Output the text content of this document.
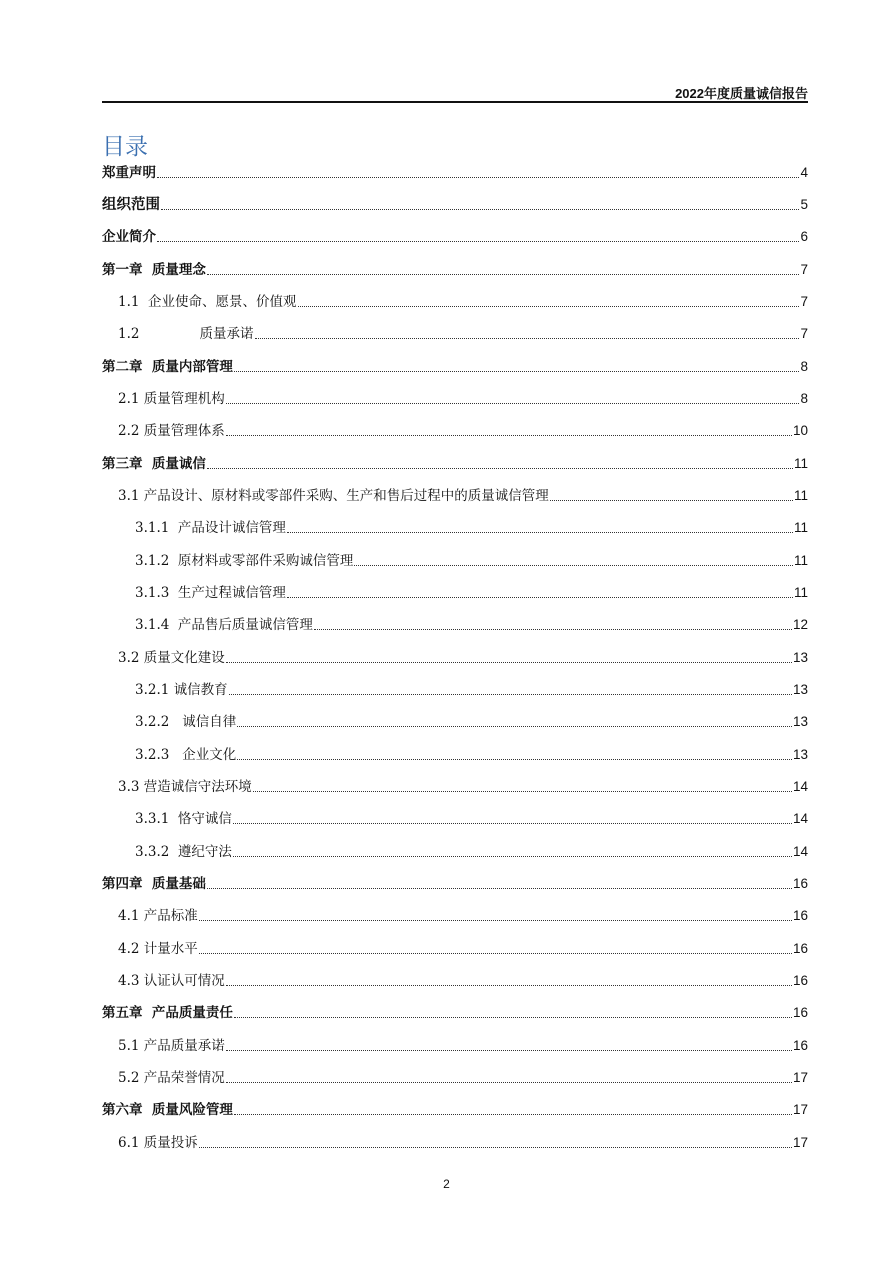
2022年度质量诚信报告
目录
郑重声明	4
组织范围	5
企业简介	6
第一章  质量理念	7
1.1  企业使命、愿景、价值观	7
1.2              质量承诺	7
第二章  质量内部管理	8
2.1 质量管理机构	8
2.2 质量管理体系	10
第三章  质量诚信	11
3.1 产品设计、原材料或零部件采购、生产和售后过程中的质量诚信管理	11
3.1.1  产品设计诚信管理	11
3.1.2  原材料或零部件采购诚信管理	11
3.1.3  生产过程诚信管理	11
3.1.4  产品售后质量诚信管理	12
3.2 质量文化建设	13
3.2.1 诚信教育	13
3.2.2   诚信自律	13
3.2.3   企业文化	13
3.3 营造诚信守法环境	14
3.3.1  恪守诚信	14
3.3.2  遵纪守法	14
第四章  质量基础	16
4.1 产品标准	16
4.2 计量水平	16
4.3 认证认可情况	16
第五章  产品质量责任	16
5.1 产品质量承诺	16
5.2 产品荣誉情况	17
第六章  质量风险管理	17
6.1 质量投诉	17
2
